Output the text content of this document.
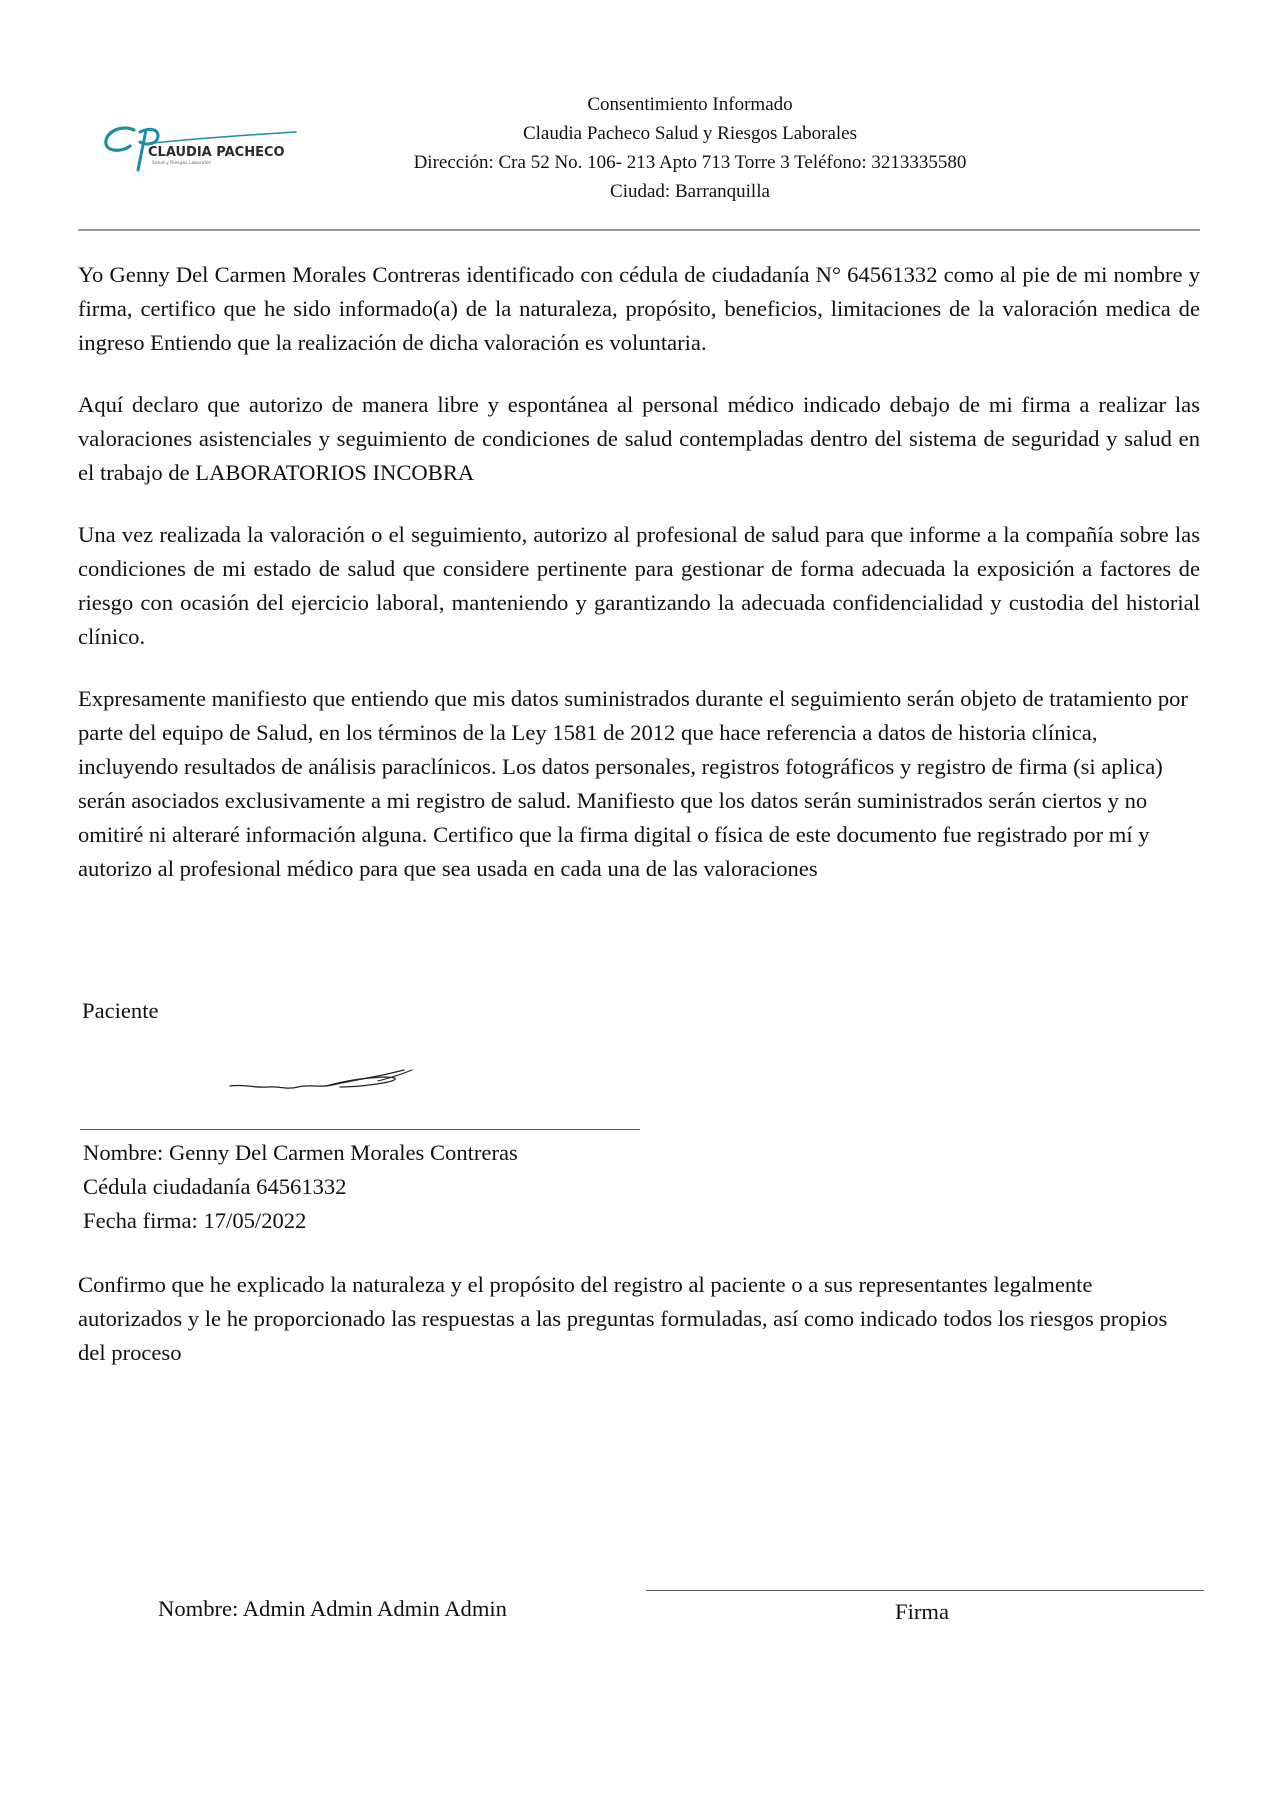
CLAUDIA PACHECO
Salud y Riesgos Laborales
Consentimiento Informado
Claudia Pacheco Salud y Riesgos Laborales
Dirección: Cra 52 No. 106- 213 Apto 713 Torre 3 Teléfono: 3213335580
Ciudad: Barranquilla

Yo Genny Del Carmen Morales Contreras identificado con cédula de ciudadanía N° 64561332 como al pie de mi nombre y firma, certifico que he sido informado(a) de la naturaleza, propósito, beneficios, limitaciones de la valoración medica de ingreso Entiendo que la realización de dicha valoración es voluntaria.

Aquí declaro que autorizo de manera libre y espontánea al personal médico indicado debajo de mi firma a realizar las valoraciones asistenciales y seguimiento de condiciones de salud contempladas dentro del sistema de seguridad y salud en el trabajo de LABORATORIOS INCOBRA

Una vez realizada la valoración o el seguimiento, autorizo al profesional de salud para que informe a la compañía sobre las condiciones de mi estado de salud que considere pertinente para gestionar de forma adecuada la exposición a factores de riesgo con ocasión del ejercicio laboral, manteniendo y garantizando la adecuada confidencialidad y custodia del historial clínico.

Expresamente manifiesto que entiendo que mis datos suministrados durante el seguimiento serán objeto de tratamiento por parte del equipo de Salud, en los términos de la Ley 1581 de 2012 que hace referencia a datos de historia clínica, incluyendo resultados de análisis paraclínicos. Los datos personales, registros fotográficos y registro de firma (si aplica) serán asociados exclusivamente a mi registro de salud. Manifiesto que los datos serán suministrados serán ciertos y no omitiré ni alteraré información alguna. Certifico que la firma digital o física de este documento fue registrado por mí y autorizo al profesional médico para que sea usada en cada una de las valoraciones

Paciente
Nombre: Genny Del Carmen Morales Contreras
Cédula ciudadanía 64561332
Fecha firma: 17/05/2022
Confirmo que he explicado la naturaleza y el propósito del registro al paciente o a sus representantes legalmente autorizados y le he proporcionado las respuestas a las preguntas formuladas, así como indicado todos los riesgos propios del proceso
Nombre: Admin Admin Admin Admin	Firma
